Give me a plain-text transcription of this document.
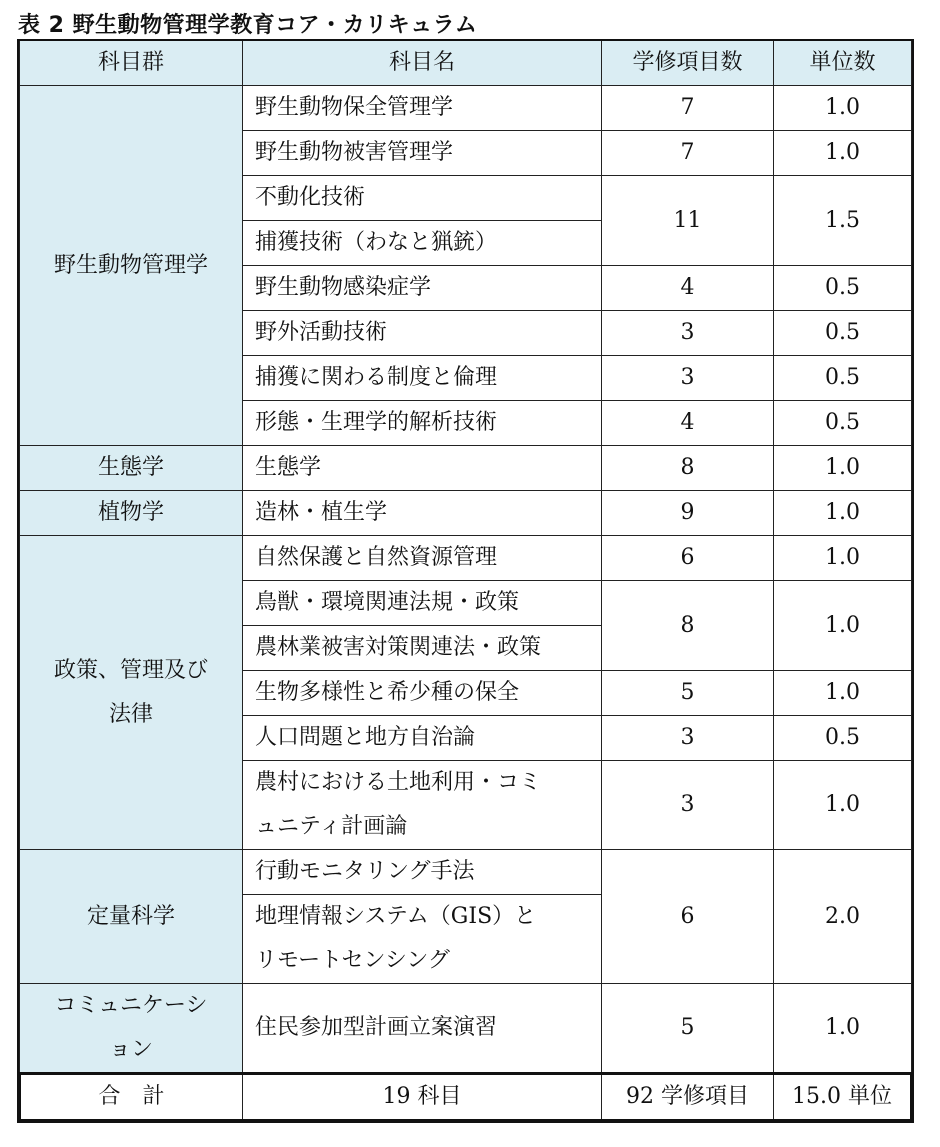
表 2 野生動物管理学教育コア・カリキュラム
科目群	科目名	学修項目数	単位数
野生動物管理学	野生動物保全管理学	7	1.0
	野生動物被害管理学	7	1.0
	不動化技術	11	1.5
	捕獲技術（わなと猟銃）		
	野生動物感染症学	4	0.5
	野外活動技術	3	0.5
	捕獲に関わる制度と倫理	3	0.5
	形態・生理学的解析技術	4	0.5
生態学	生態学	8	1.0
植物学	造林・植生学	9	1.0
政策、管理及び
法律	自然保護と自然資源管理	6	1.0
	鳥獣・環境関連法規・政策	8	1.0
	農林業被害対策関連法・政策		
	生物多様性と希少種の保全	5	1.0
	人口問題と地方自治論	3	0.5
	農村における土地利用・コミ
ュニティ計画論	3	1.0
定量科学	行動モニタリング手法	6	2.0
	地理情報システム（GIS）と
リモートセンシング		
コミュニケーシ
ョン	住民参加型計画立案演習	5	1.0
合　計	19 科目	92 学修項目	15.0 単位
